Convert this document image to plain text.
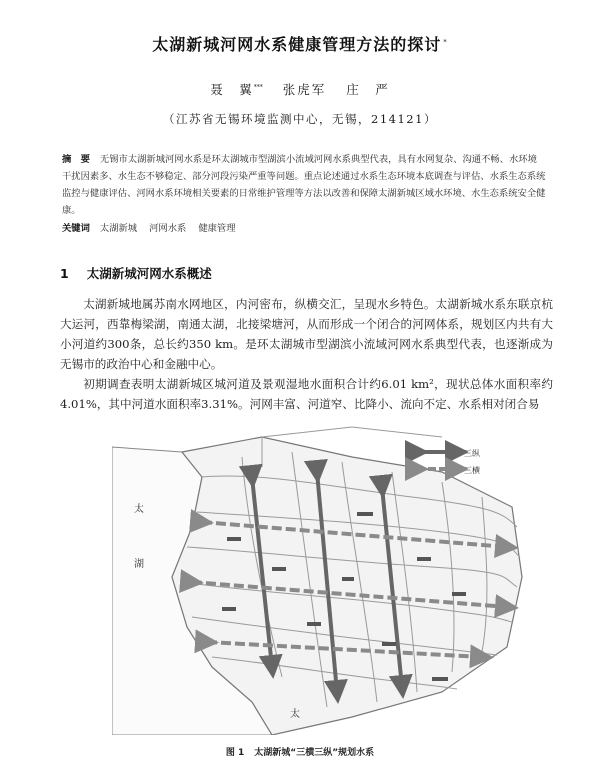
太湖新城河网水系健康管理方法的探讨 *
聂　翼*** 张虎军 庄　严
（江苏省无锡环境监测中心，无锡，214121）
摘　要 无锡市太湖新城河网水系是环太湖城市型湖滨小流域河网水系典型代表，具有水网复杂、沟通不畅、水环境干扰因素多、水生态不够稳定、部分河段污染严重等问题。重点论述通过水系生态环境本底调查与评估、水系生态系统监控与健康评估、河网水系环境相关要素的日常维护管理等方法以改善和保障太湖新城区域水环境、水生态系统安全健康。
关键词 太湖新城 河网水系 健康管理
1 太湖新城河网水系概述
太湖新城地属苏南水网地区，内河密布，纵横交汇，呈现水乡特色。太湖新城水系东联京杭大运河，西靠梅梁湖，南通太湖，北接梁塘河，从而形成一个闭合的河网体系，规划区内共有大小河道约300条，总长约350 km。是环太湖城市型湖滨小流域河网水系典型代表，也逐渐成为无锡市的政治中心和金融中心。
初期调查表明太湖新城区城河道及景观湿地水面积合计约6.01 km²，现状总体水面积率约4.01%，其中河道水面积率3.31%。河网丰富、河道窄、比降小、流向不定、水系相对闭合易
太
湖
太
三纵
三横
图 1 太湖新城“三横三纵”规划水系
